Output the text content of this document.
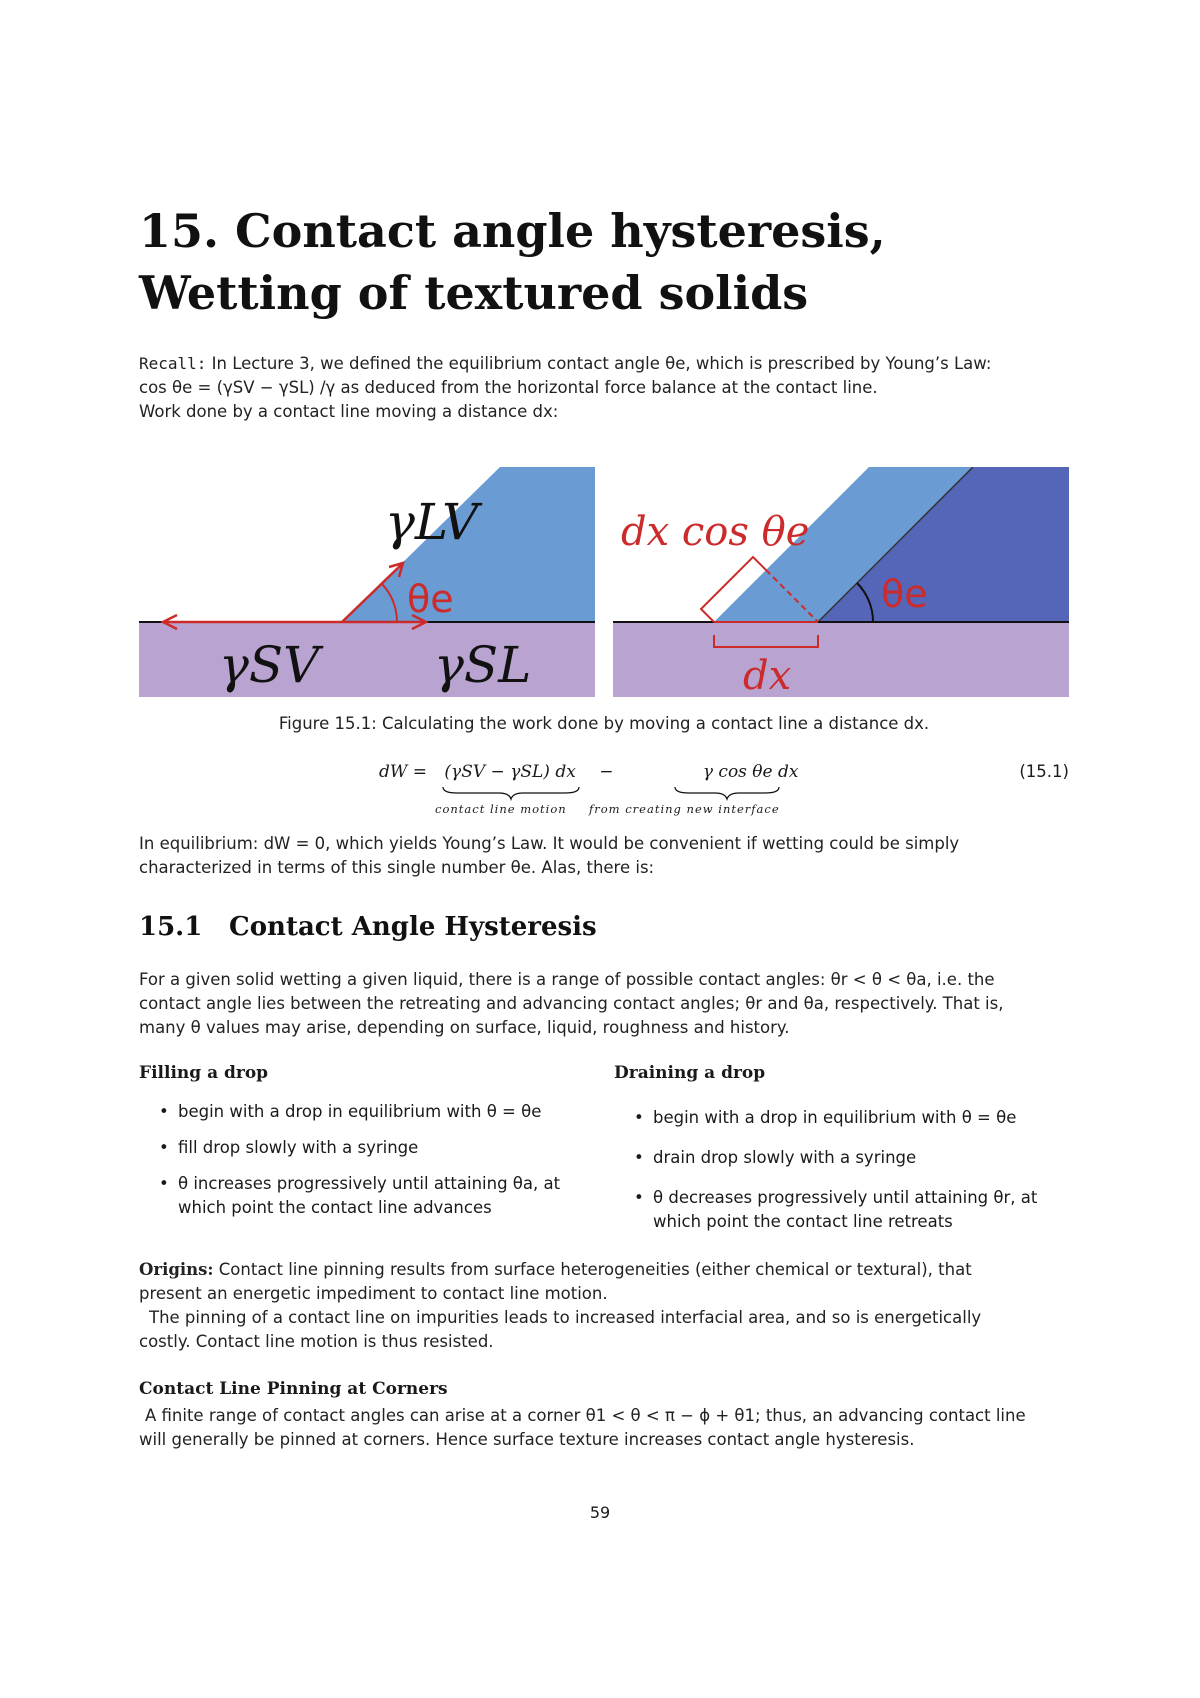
15. Contact angle hysteresis, Wetting of textured solids

Recall: In Lecture 3, we defined the equilibrium contact angle θe, which is prescribed by Young’s Law:

cos θe = (γSV − γSL) /γ as deduced from the horizontal force balance at the contact line.

Work done by a contact line moving a distance dx:

γLV
θe
γSV γSL
dx cos θe
θe
dx

Figure 15.1: Calculating the work done by moving a contact line a distance dx.

dW = (γSV − γSL) dx −	γ cos θe dx
contact line motion from creating new interface
(15.1)

In equilibrium: dW = 0, which yields Young’s Law. It would be convenient if wetting could be simply

characterized in terms of this single number θe. Alas, there is:

15.1 Contact Angle Hysteresis

For a given solid wetting a given liquid, there is a range of possible contact angles: θr < θ < θa, i.e. the

contact angle lies between the retreating and advancing contact angles; θr and θa, respectively. That is,

many θ values may arise, depending on surface, liquid, roughness and history.

Filling a drop
• begin with a drop in equilibrium with θ = θe
• fill drop slowly with a syringe
• θ increases progressively until attaining θa, at which point the contact line advances
Draining a drop
• begin with a drop in equilibrium with θ = θe
• drain drop slowly with a syringe
• θ decreases progressively until attaining θr, at which point the contact line retreats

Origins: Contact line pinning results from surface heterogeneities (either chemical or textural), that

present an energetic impediment to contact line motion.

The pinning of a contact line on impurities leads to increased interfacial area, and so is energetically

costly. Contact line motion is thus resisted.

Contact Line Pinning at Corners

A finite range of contact angles can arise at a corner θ1 < θ < π − ϕ + θ1; thus, an advancing contact line

will generally be pinned at corners. Hence surface texture increases contact angle hysteresis.

59
